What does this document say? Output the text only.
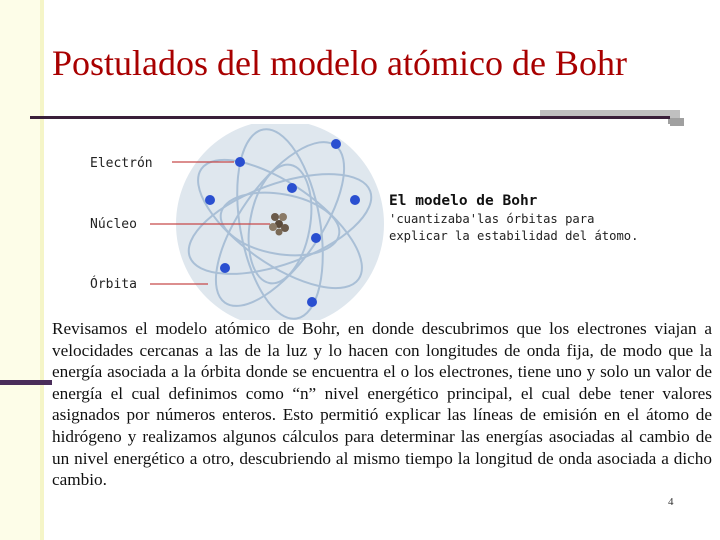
Postulados del modelo atómico de Bohr
Electrón
Núcleo
Órbita
El modelo de Bohr
'cuantizaba'las órbitas para
explicar la estabilidad del átomo.
Revisamos el modelo atómico de Bohr, en donde descubrimos que los electrones viajan a velocidades cercanas a las de la luz y lo hacen con longitudes de onda fija, de modo que la energía asociada a la órbita donde se encuentra el o los electrones, tiene uno y solo un valor de energía el cual definimos como “n” nivel energético principal, el cual debe tener valores asignados por números enteros. Esto permitió explicar las líneas de emisión en el átomo de hidrógeno y realizamos algunos cálculos para determinar las energías asociadas al cambio de un nivel energético a otro, descubriendo al mismo tiempo la longitud de onda asociada a dicho cambio.
4
